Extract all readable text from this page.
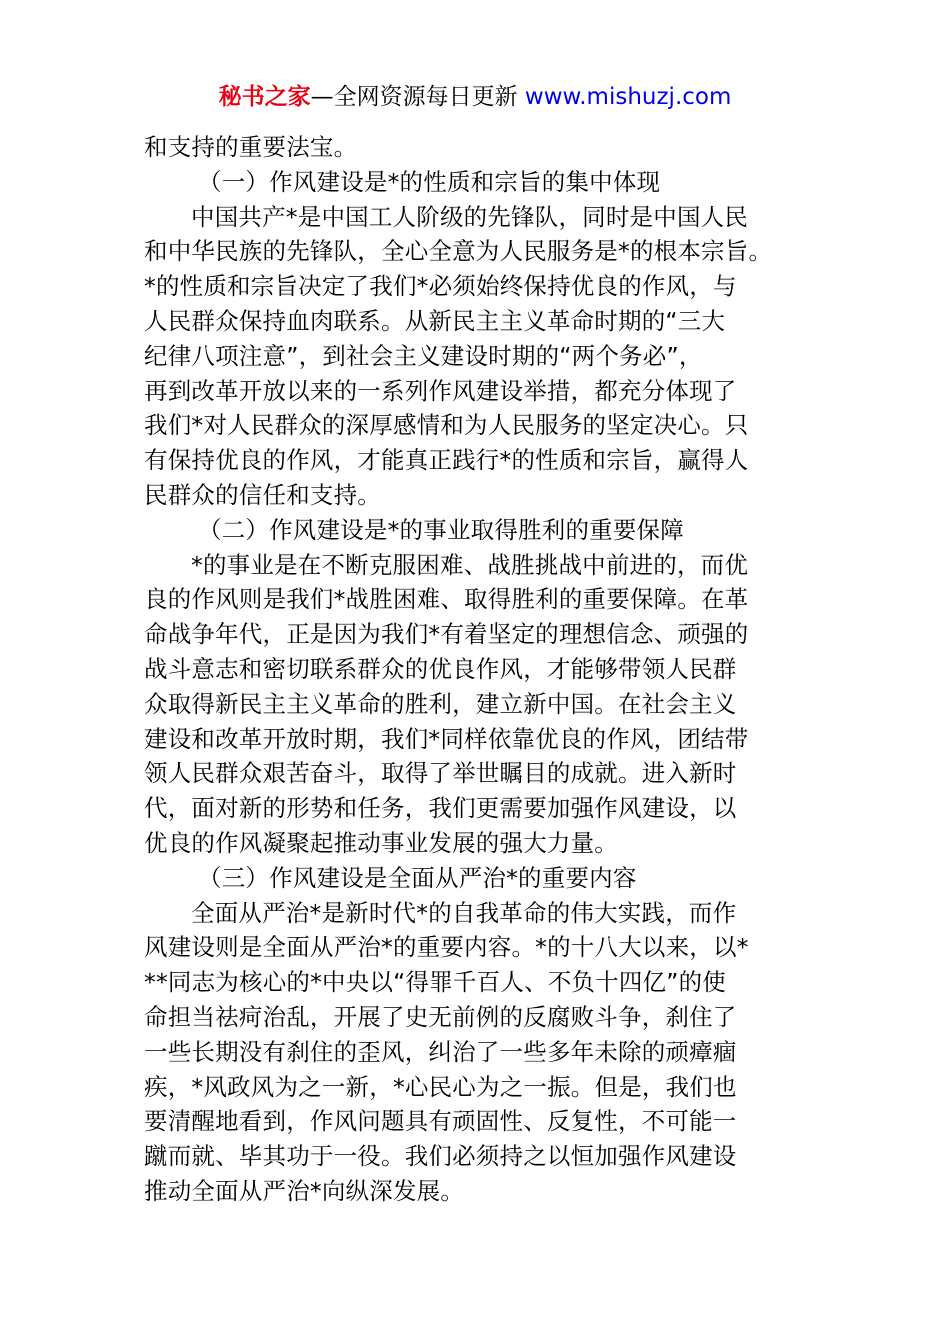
秘书之家—全网资源每日更新 www.mishuzj.com
和支持的重要法宝。
（一）作风建设是*的性质和宗旨的集中体现
中国共产*是中国工人阶级的先锋队，同时是中国人民
和中华民族的先锋队，全心全意为人民服务是*的根本宗旨。
*的性质和宗旨决定了我们*必须始终保持优良的作风，与
人民群众保持血肉联系。从新民主主义革命时期的“三大
纪律八项注意”，到社会主义建设时期的“两个务必”，
再到改革开放以来的一系列作风建设举措，都充分体现了
我们*对人民群众的深厚感情和为人民服务的坚定决心。只
有保持优良的作风，才能真正践行*的性质和宗旨，赢得人
民群众的信任和支持。
（二）作风建设是*的事业取得胜利的重要保障
*的事业是在不断克服困难、战胜挑战中前进的，而优
良的作风则是我们*战胜困难、取得胜利的重要保障。在革
命战争年代，正是因为我们*有着坚定的理想信念、顽强的
战斗意志和密切联系群众的优良作风，才能够带领人民群
众取得新民主主义革命的胜利，建立新中国。在社会主义
建设和改革开放时期，我们*同样依靠优良的作风，团结带
领人民群众艰苦奋斗，取得了举世瞩目的成就。进入新时
代，面对新的形势和任务，我们更需要加强作风建设，以
优良的作风凝聚起推动事业发展的强大力量。
（三）作风建设是全面从严治*的重要内容
全面从严治*是新时代*的自我革命的伟大实践，而作
风建设则是全面从严治*的重要内容。*的十八大以来，以*
**同志为核心的*中央以“得罪千百人、不负十四亿”的使
命担当祛疴治乱，开展了史无前例的反腐败斗争，刹住了
一些长期没有刹住的歪风，纠治了一些多年未除的顽瘴痼
疾，*风政风为之一新，*心民心为之一振。但是，我们也
要清醒地看到，作风问题具有顽固性、反复性，不可能一
蹴而就、毕其功于一役。我们必须持之以恒加强作风建设
推动全面从严治*向纵深发展。
